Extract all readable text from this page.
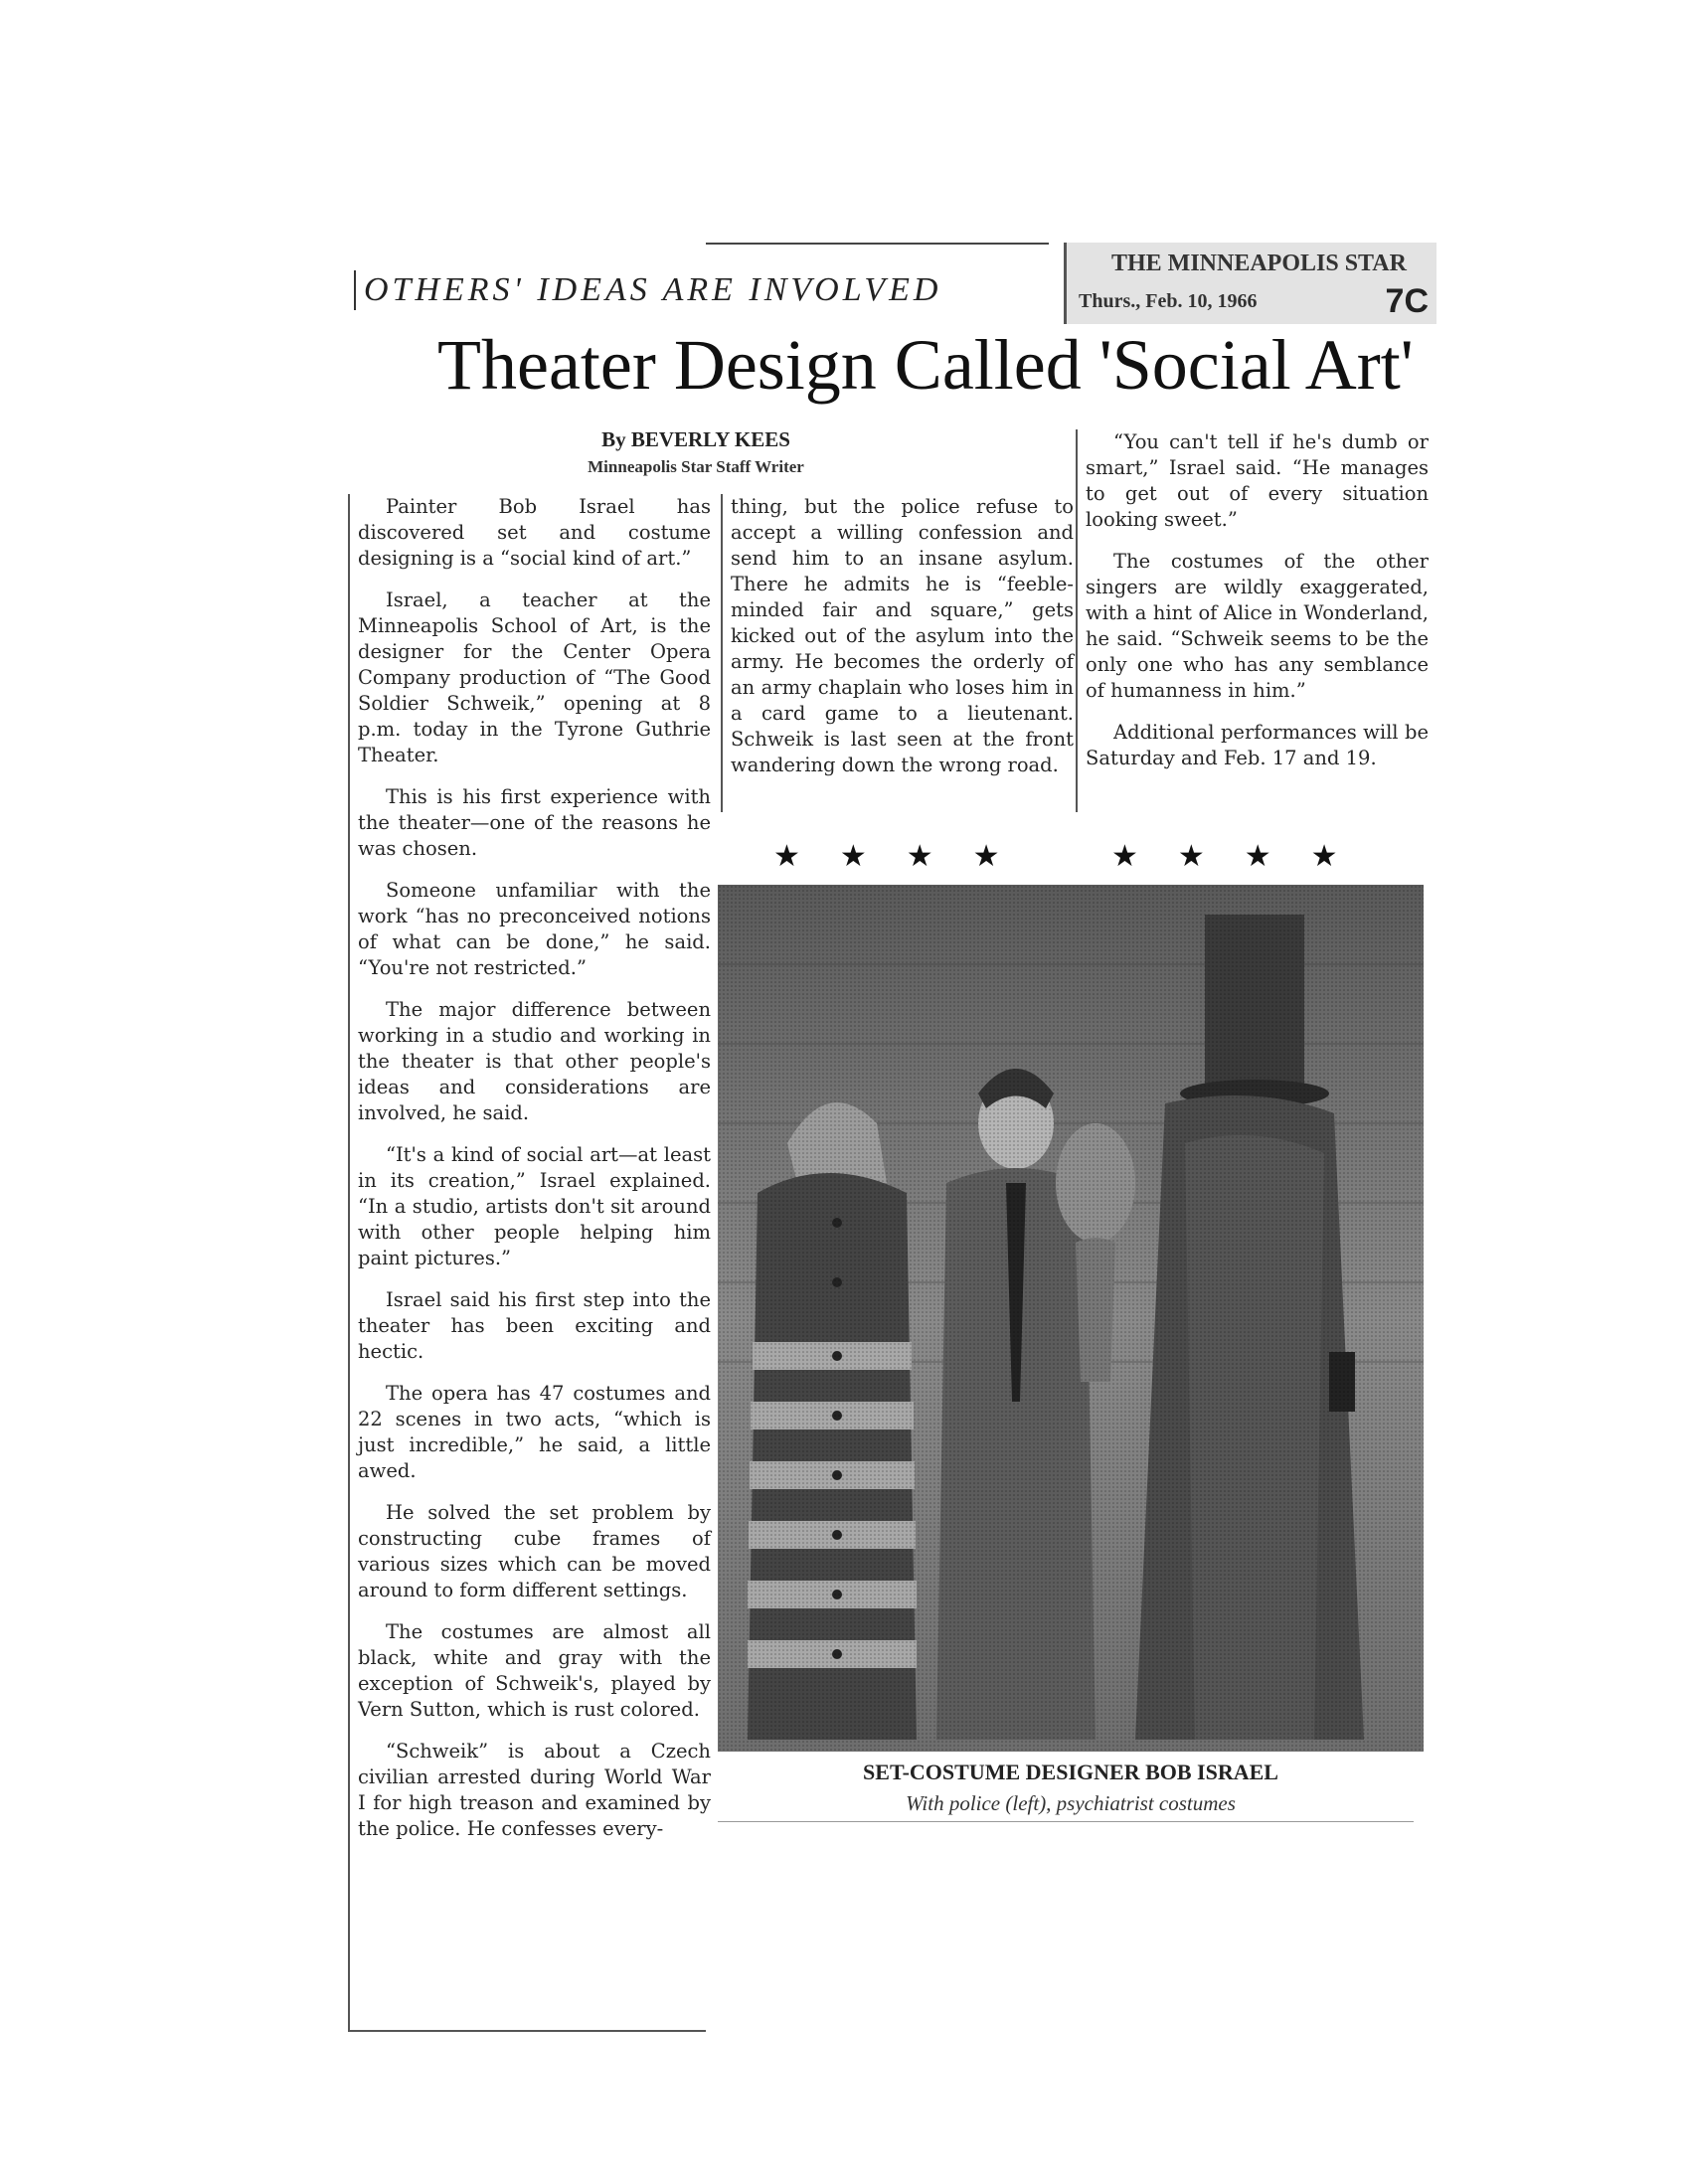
OTHERS' IDEAS ARE INVOLVED
THE MINNEAPOLIS STAR
Thurs., Feb. 10, 1966	7C
Theater Design Called 'Social Art'
By BEVERLY KEES
Minneapolis Star Staff Writer

Painter Bob Israel has discovered set and costume designing is a “social kind of art.”

Israel, a teacher at the Minneapolis School of Art, is the designer for the Center Opera Company production of “The Good Soldier Schweik,” opening at 8 p.m. today in the Tyrone Guthrie Theater.

This is his first experience with the theater—one of the reasons he was chosen.

Someone unfamiliar with the work “has no preconceived notions of what can be done,” he said. “You're not restricted.”

The major difference between working in a studio and working in the theater is that other people's ideas and considerations are involved, he said.

“It's a kind of social art—at least in its creation,” Israel explained. “In a studio, artists don't sit around with other people helping him paint pictures.”

Israel said his first step into the theater has been exciting and hectic.

The opera has 47 costumes and 22 scenes in two acts, “which is just incredible,” he said, a little awed.

He solved the set problem by constructing cube frames of various sizes which can be moved around to form different settings.

The costumes are almost all black, white and gray with the exception of Schweik's, played by Vern Sutton, which is rust colored.

“Schweik” is about a Czech civilian arrested during World War I for high treason and examined by the police. He confesses every-

thing, but the police refuse to accept a willing confession and send him to an insane asylum. There he admits he is “feeble-minded fair and square,” gets kicked out of the asylum into the army. He becomes the orderly of an army chaplain who loses him in a card game to a lieutenant. Schweik is last seen at the front wandering down the wrong road.

“You can't tell if he's dumb or smart,” Israel said. “He manages to get out of every situation looking sweet.”

The costumes of the other singers are wildly exaggerated, with a hint of Alice in Wonderland, he said. “Schweik seems to be the only one who has any semblance of humanness in him.”

Additional performances will be Saturday and Feb. 17 and 19.

★★★★ ★★★★
SET-COSTUME DESIGNER BOB ISRAEL
With police (left), psychiatrist costumes
